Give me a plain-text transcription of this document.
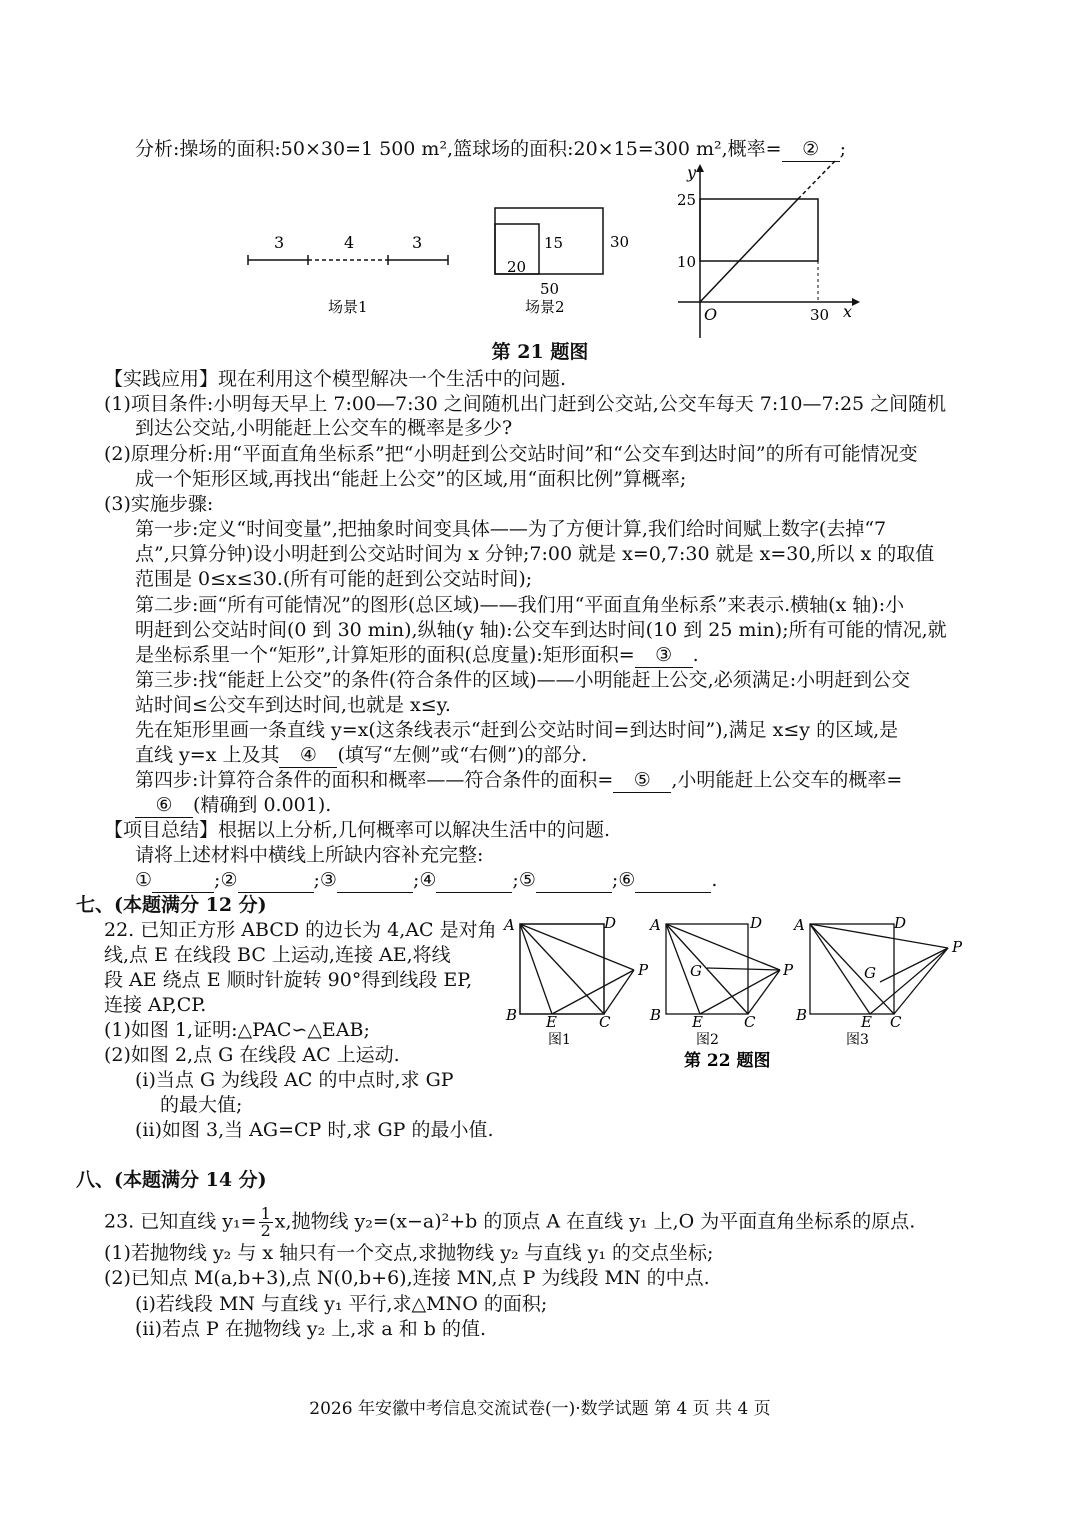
分析:操场的面积:50×30=1 500 m²,篮球场的面积:20×15=300 m²,概率= ② ;
3	4	3
场景1
15
20
30
50
场景2
y
x
O
25
10
30
第 21 题图
【实践应用】现在利用这个模型解决一个生活中的问题.
(1)项目条件:小明每天早上 7:00—7:30 之间随机出门赶到公交站,公交车每天 7:10—7:25 之间随机
到达公交站,小明能赶上公交车的概率是多少?
(2)原理分析:用“平面直角坐标系”把“小明赶到公交站时间”和“公交车到达时间”的所有可能情况变
成一个矩形区域,再找出“能赶上公交”的区域,用“面积比例”算概率;
(3)实施步骤:
第一步:定义“时间变量”,把抽象时间变具体——为了方便计算,我们给时间赋上数字(去掉“7
点”,只算分钟)设小明赶到公交站时间为 x 分钟;7:00 就是 x=0,7:30 就是 x=30,所以 x 的取值
范围是 0≤x≤30.(所有可能的赶到公交站时间);
第二步:画“所有可能情况”的图形(总区域)——我们用“平面直角坐标系”来表示.横轴(x 轴):小
明赶到公交站时间(0 到 30 min),纵轴(y 轴):公交车到达时间(10 到 25 min);所有可能的情况,就
是坐标系里一个“矩形”,计算矩形的面积(总度量):矩形面积= ③ .
第三步:找“能赶上公交”的条件(符合条件的区域)——小明能赶上公交,必须满足:小明赶到公交
站时间≤公交车到达时间,也就是 x≤y.
先在矩形里画一条直线 y=x(这条线表示“赶到公交站时间=到达时间”),满足 x≤y 的区域,是
直线 y=x 上及其 ④ (填写“左侧”或“右侧”)的部分.
第四步:计算符合条件的面积和概率——符合条件的面积= ⑤ ,小明能赶上公交车的概率=
⑥ (精确到 0.001).
【项目总结】根据以上分析,几何概率可以解决生活中的问题.
请将上述材料中横线上所缺内容补充完整:
①	;②	;③	;④	;⑤	;⑥	.
七、(本题满分 12 分)
22. 已知正方形 ABCD 的边长为 4,AC 是对角
线,点 E 在线段 BC 上运动,连接 AE,将线
段 AE 绕点 E 顺时针旋转 90°得到线段 EP,
连接 AP,CP.
(1)如图 1,证明:△PAC∽△EAB;
(2)如图 2,点 G 在线段 AC 上运动.
(i)当点 G 为线段 AC 的中点时,求 GP
的最大值;
(ii)如图 3,当 AG=CP 时,求 GP 的最小值.
A	D
B E	C
P
图1
A	D
B E	C
P
G
图2
A	D
B	E C
P
G
图3
第 22 题图
八、(本题满分 14 分)
23. 已知直线 $y_1= \frac{1}{2} x$,抛物线 y₂=(x−a)²+b 的顶点 A 在直线 y₁ 上,O 为平面直角坐标系的原点.
(1)若抛物线 y₂ 与 x 轴只有一个交点,求抛物线 y₂ 与直线 y₁ 的交点坐标;
(2)已知点 M(a,b+3),点 N(0,b+6),连接 MN,点 P 为线段 MN 的中点.
(i)若线段 MN 与直线 y₁ 平行,求△MNO 的面积;
(ii)若点 P 在抛物线 y₂ 上,求 a 和 b 的值.
2026 年安徽中考信息交流试卷(一)·数学试题 第 4 页 共 4 页
